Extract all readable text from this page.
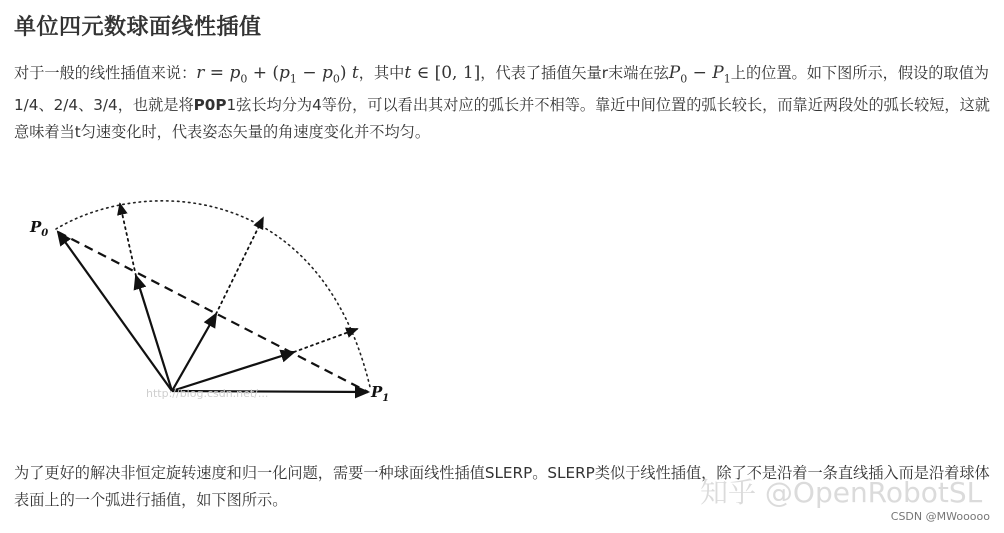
单位四元数球面线性插值
对于一般的线性插值来说：$r = p_0 + (p_1 - p_0)$ t，其中t ∈ [0, 1]，代表了插值矢量r末端在弦$P_0 - P_1$上的位置。如下图所示，假设的取值为1/4、2/4、3/4，也就是将P0P1弦长均分为4等份，可以看出其对应的弧长并不相等。靠近中间位置的弧长较长，而靠近两段处的弧长较短，这就意味着当t匀速变化时，代表姿态矢量的角速度变化并不均匀。
$P_0$
$P_1$
http://blog.csdn.net/...
为了更好的解决非恒定旋转速度和归一化问题，需要一种球面线性插值SLERP。SLERP类似于线性插值，除了不是沿着一条直线插入而是沿着球体表面上的一个弧进行插值，如下图所示。	知乎 @OpenRobotSL
CSDN @MWooooo
